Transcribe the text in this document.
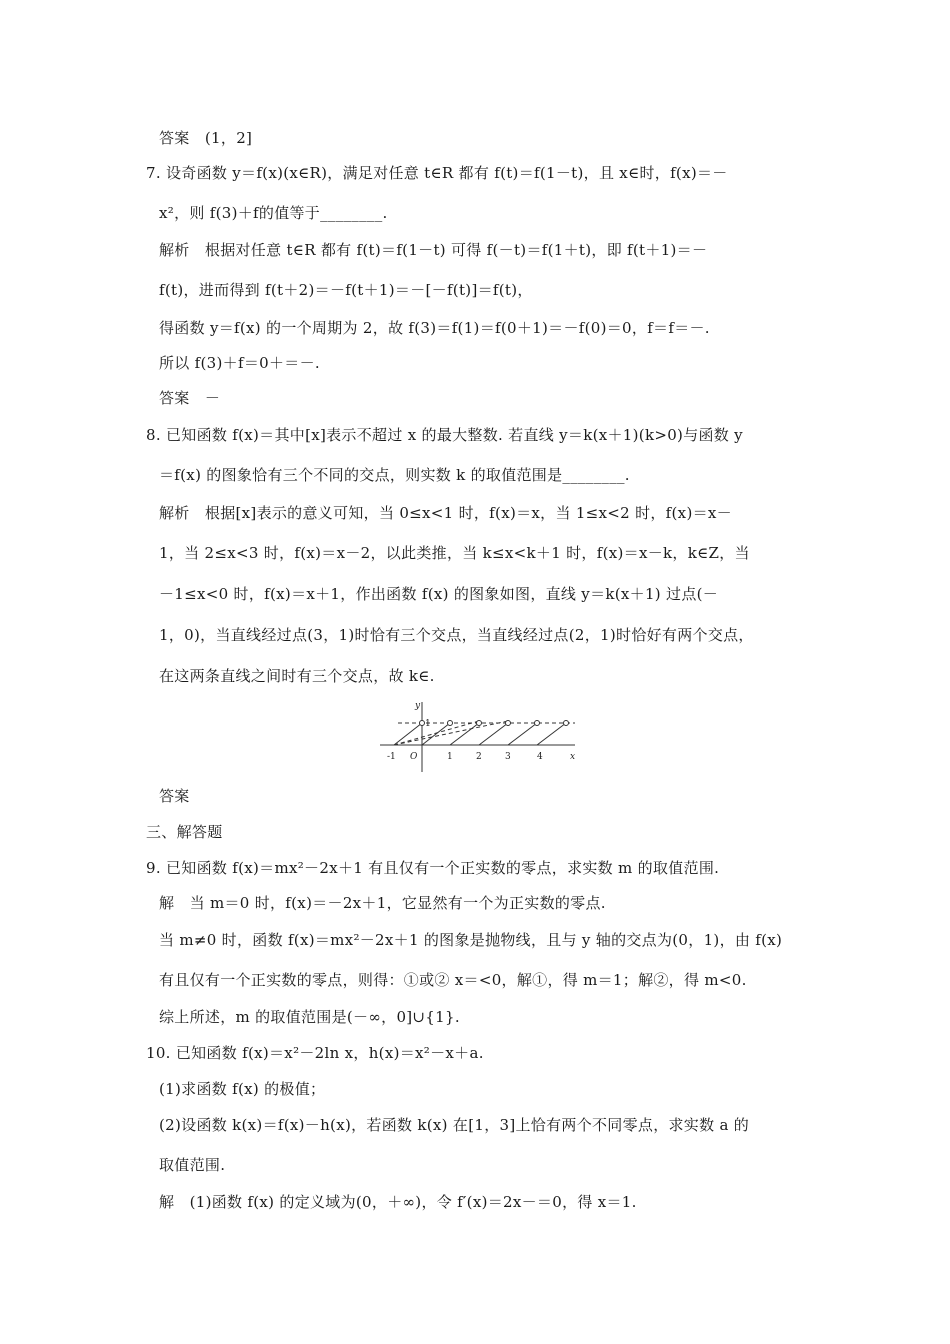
答案　(1，2]
7. 设奇函数 y＝f(x)(x∈R)，满足对任意 t∈R 都有 f(t)＝f(1－t)，且 x∈时，f(x)＝－
x²，则 f(3)＋f的值等于________.
解析　根据对任意 t∈R 都有 f(t)＝f(1－t) 可得 f(－t)＝f(1＋t)，即 f(t＋1)＝－
f(t)，进而得到 f(t＋2)＝－f(t＋1)＝－[－f(t)]＝f(t)，
得函数 y＝f(x) 的一个周期为 2，故 f(3)＝f(1)＝f(0＋1)＝－f(0)＝0，f＝f＝－.
所以 f(3)＋f＝0＋＝－.
答案　－
8. 已知函数 f(x)＝其中[x]表示不超过 x 的最大整数. 若直线 y＝k(x＋1)(k>0)与函数 y
＝f(x) 的图象恰有三个不同的交点，则实数 k 的取值范围是________.
解析　根据[x]表示的意义可知，当 0≤x<1 时，f(x)＝x，当 1≤x<2 时，f(x)＝x－
1，当 2≤x<3 时，f(x)＝x－2，以此类推，当 k≤x<k＋1 时，f(x)＝x－k，k∈Z，当
－1≤x<0 时，f(x)＝x＋1，作出函数 f(x) 的图象如图，直线 y＝k(x＋1) 过点(－
1，0)，当直线经过点(3，1)时恰有三个交点，当直线经过点(2，1)时恰好有两个交点，
在这两条直线之间时有三个交点，故 k∈.
y
x
1
O
-1	1	2	3	4
答案
三、解答题
9. 已知函数 f(x)＝mx²－2x＋1 有且仅有一个正实数的零点，求实数 m 的取值范围.
解　当 m＝0 时，f(x)＝－2x＋1，它显然有一个为正实数的零点.
当 m≠0 时，函数 f(x)＝mx²－2x＋1 的图象是抛物线，且与 y 轴的交点为(0，1)，由 f(x)
有且仅有一个正实数的零点，则得：①或② x＝<0，解①，得 m＝1；解②，得 m<0.
综上所述，m 的取值范围是(－∞，0]∪{1}.
10. 已知函数 f(x)＝x²－2ln x，h(x)＝x²－x＋a.
(1)求函数 f(x) 的极值；
(2)设函数 k(x)＝f(x)－h(x)，若函数 k(x) 在[1，3]上恰有两个不同零点，求实数 a 的
取值范围.
解　(1)函数 f(x) 的定义域为(0，＋∞)，令 f′(x)＝2x－＝0，得 x＝1.
